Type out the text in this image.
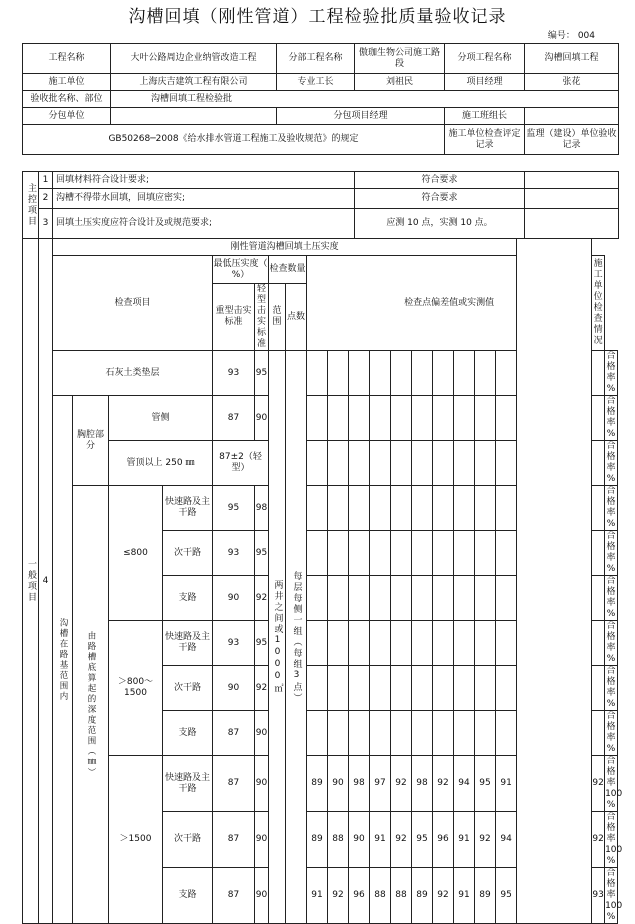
沟槽回填（刚性管道）工程检验批质量验收记录
编号： 004
工程名称	大叶公路周边企业纳管改造工程	分部工程名称	傲珈生物公司施工路段	分项工程名称	沟槽回填工程
施工单位	上海庆吉建筑工程有限公司	专业工长	刘祖民	项目经理	张花
验收批名称、部位	沟槽回填工程检验批				
分包单位		分包项目经理		施工班组长	
GB50268─2008《给水排水管道工程施工及验收规范》的规定				施工单位检查评定记录	监理（建设）单位验收记录
主控项目	1	回填材料符合设计要求;	符合要求	
	2	沟槽不得带水回填，回填应密实;	符合要求	
	3	回填土压实度应符合设计及或规范要求;	应测 10 点，实测 10 点。	
一般项目	4	刚性管道沟槽回填土压实度																				
		检查项目				最低压实度（ %）		检查数量		检查点偏差值或实测值											施工单位检查情况	
						重型击实标准	轻型击实标准	范围	点数													
		石灰土类垫层				93	95	两井之间或1000㎡	每层每侧一组（每组3点）													合格率 %
		沟槽在路基范围内	胸腔部分	管侧		87	90															合格率 %
				管顶以上 250 ㎜		87±2（轻型）																合格率 %
			由路槽底算起的深度范围（㎜）	≤800	快速路及主干路	95	98															合格率 %
					次干路	93	95															合格率 %
					支路	90	92															合格率 %
				＞800～1500	快速路及主干路	93	95															合格率 %
					次干路	90	92															合格率 %
					支路	87	90															合格率 %
				＞1500	快速路及主干路	87	90			89	90	98	97	92	98	92	94	95	91		92	合格率 100 %
					次干路	87	90			89	88	90	91	92	95	96	91	92	94		92	合格率 100 %
					支路	87	90			91	92	96	88	88	89	92	91	89	95		93	合格率 100 %
